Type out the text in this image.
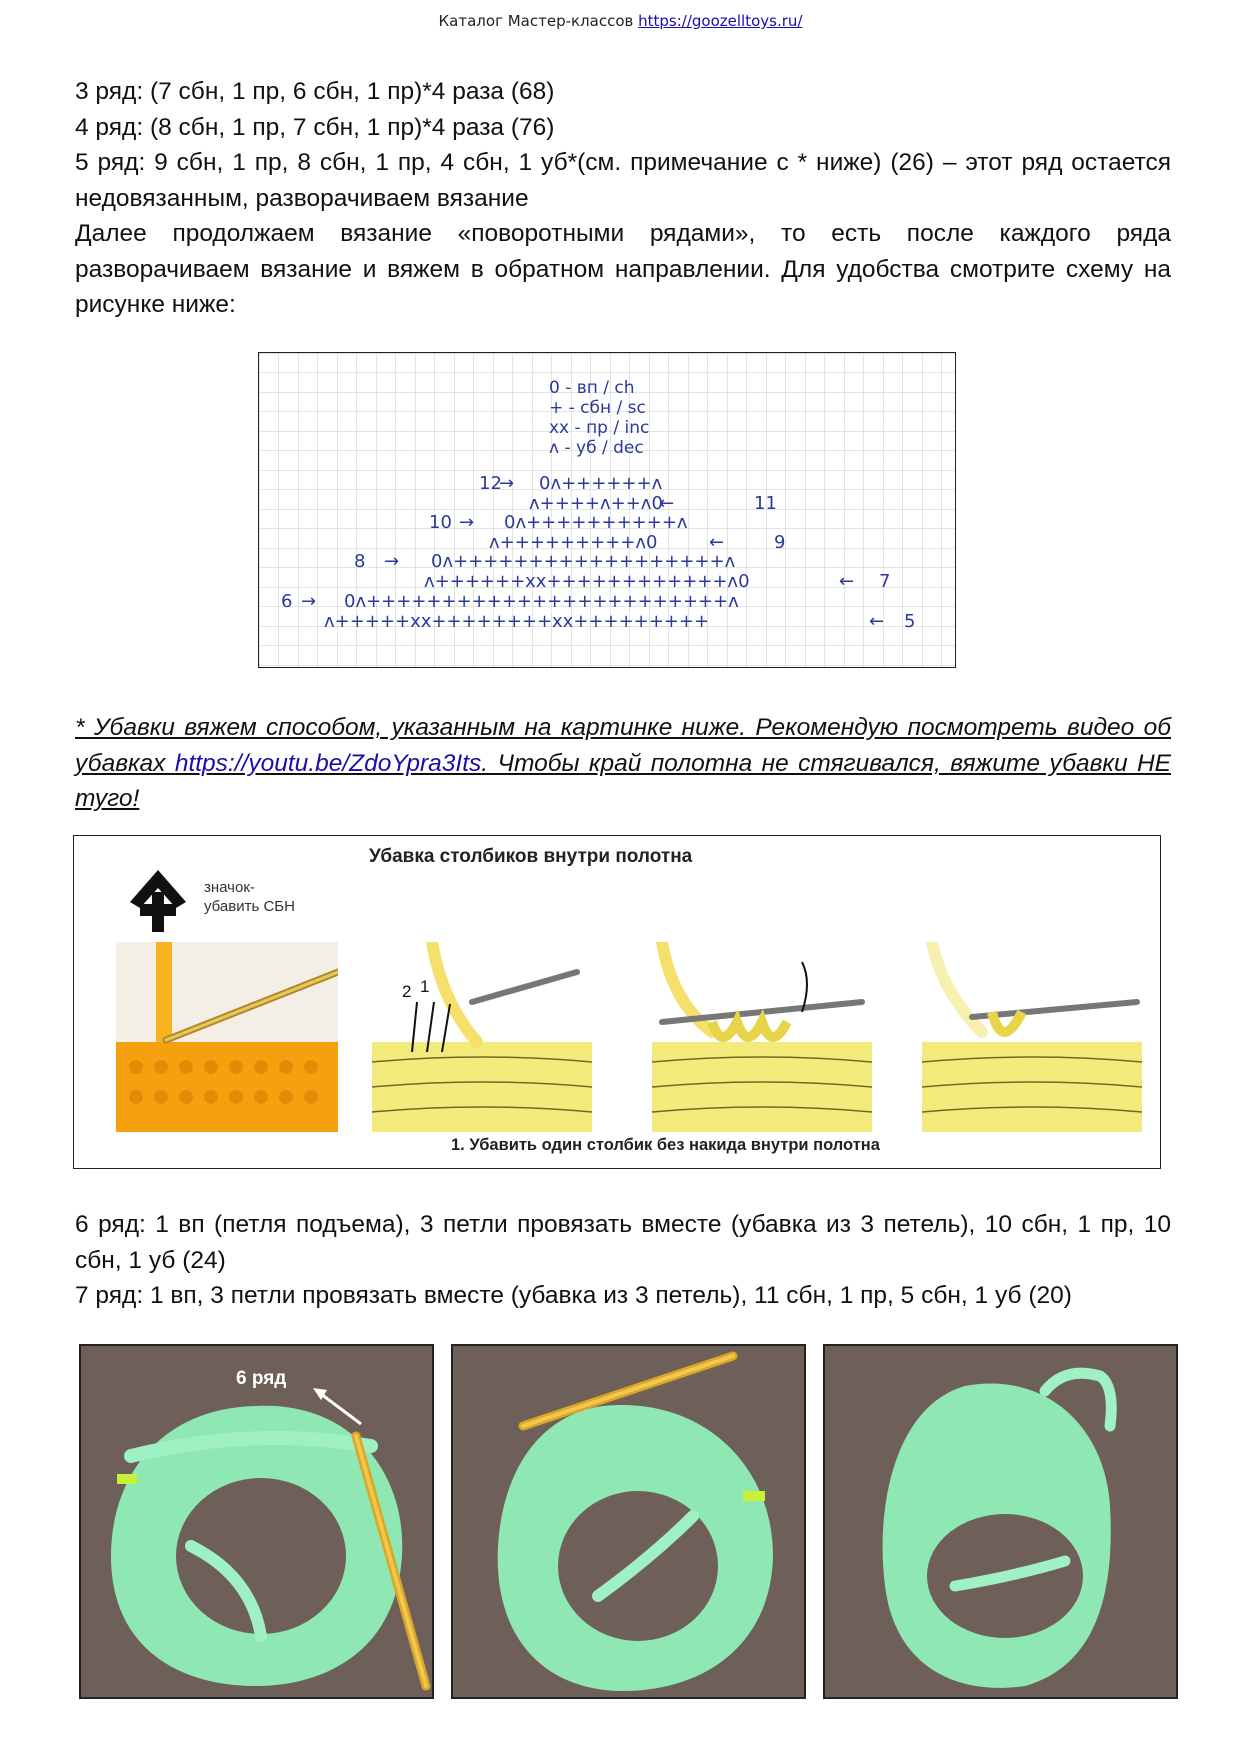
Каталог Мастер-классов https://goozelltoys.ru/

3 ряд: (7 сбн, 1 пр, 6 сбн, 1 пр)*4 раза (68)

4 ряд: (8 сбн, 1 пр, 7 сбн, 1 пр)*4 раза (76)

5 ряд: 9 сбн, 1 пр, 8 сбн, 1 пр, 4 сбн, 1 уб*(см. примечание с * ниже) (26) – этот ряд остается недовязанным, разворачиваем вязание

Далее продолжаем вязание «поворотными рядами», то есть после каждого ряда разворачиваем вязание и вяжем в обратном направлении. Для удобства смотрите схему на рисунке ниже:

0 - вп / ch
+ - сбн / sc
xx - пр / inc
ʌ - уб / dec
12
→ 0ʌ++++++ʌ
ʌ++++ʌ++ʌ0
←	11
10 → 0ʌ++++++++++ʌ
ʌ+++++++++ʌ0	←	9
8 → 0ʌ++++++++++++++++++ʌ
ʌ++++++xx++++++++++++ʌ0	← 7
6 → 0ʌ++++++++++++++++++++++++ʌ
ʌ+++++xx++++++++xx+++++++++	← 5

* Убавки вяжем способом, указанным на картинке ниже. Рекомендую посмотреть видео об убавках https://youtu.be/ZdoYpra3Its. Чтобы край полотна не стягивался, вяжите убавки НЕ туго!

Убавка столбиков внутри полотна
значок-
убавить СБН
2 1
1. Убавить один столбик без накида внутри полотна

6 ряд: 1 вп (петля подъема), 3 петли провязать вместе (убавка из 3 петель), 10 сбн, 1 пр, 10 сбн, 1 уб (24)

7 ряд: 1 вп, 3 петли провязать вместе (убавка из 3 петель), 11 сбн, 1 пр, 5 сбн, 1 уб (20)

6 ряд
